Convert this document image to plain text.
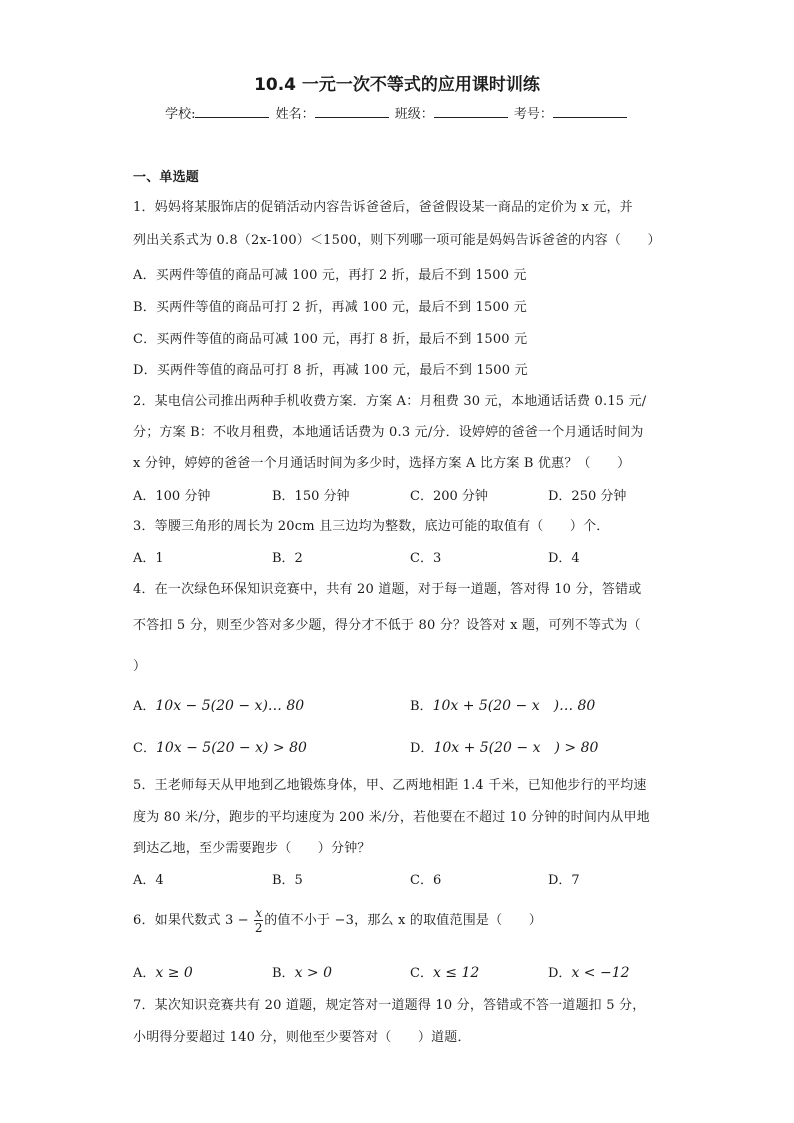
10.4 一元一次不等式的应用课时训练
学校:	姓名：	班级：	考号：
一、单选题
1．妈妈将某服饰店的促销活动内容告诉爸爸后，爸爸假设某一商品的定价为 x 元，并
列出关系式为 0.8（2x-100）＜1500，则下列哪一项可能是妈妈告诉爸爸的内容（　　）
A．买两件等值的商品可减 100 元，再打 2 折，最后不到 1500 元
B．买两件等值的商品可打 2 折，再减 100 元，最后不到 1500 元
C．买两件等值的商品可减 100 元，再打 8 折，最后不到 1500 元
D．买两件等值的商品可打 8 折，再减 100 元，最后不到 1500 元
2．某电信公司推出两种手机收费方案．方案 A：月租费 30 元，本地通话话费 0.15 元/
分；方案 B：不收月租费，本地通话话费为 0.3 元/分．设婷婷的爸爸一个月通话时间为
x 分钟，婷婷的爸爸一个月通话时间为多少时，选择方案 A 比方案 B 优惠？（　　）
A．100 分钟	B．150 分钟	C．200 分钟	D．250 分钟
3．等腰三角形的周长为 20cm 且三边均为整数，底边可能的取值有（　　）个．
A．1	B．2	C．3	D．4
4．在一次绿色环保知识竞赛中，共有 20 道题，对于每一道题，答对得 10 分，答错或
不答扣 5 分，则至少答对多少题，得分才不低于 80 分？设答对 x 题，可列不等式为（
）
A．10x − 5(20 − x)… 80	B．10x + 5(20 − x　)… 80
C．10x − 5(20 − x) > 80	D．10x + 5(20 − x　) > 80
5．王老师每天从甲地到乙地锻炼身体，甲、乙两地相距 1.4 千米，已知他步行的平均速
度为 80 米/分，跑步的平均速度为 200 米/分，若他要在不超过 10 分钟的时间内从甲地
到达乙地，至少需要跑步（　　）分钟？
A．4	B．5	C．6	D．7
6．如果代数式 $3 - \frac{x}{2}$ 的值不小于 −3，那么 x 的取值范围是（　　）
A．x ≥ 0	B．x > 0	C．x ≤ 12	D．x < −12
7．某次知识竞赛共有 20 道题，规定答对一道题得 10 分，答错或不答一道题扣 5 分，
小明得分要超过 140 分，则他至少要答对（　　）道题．
